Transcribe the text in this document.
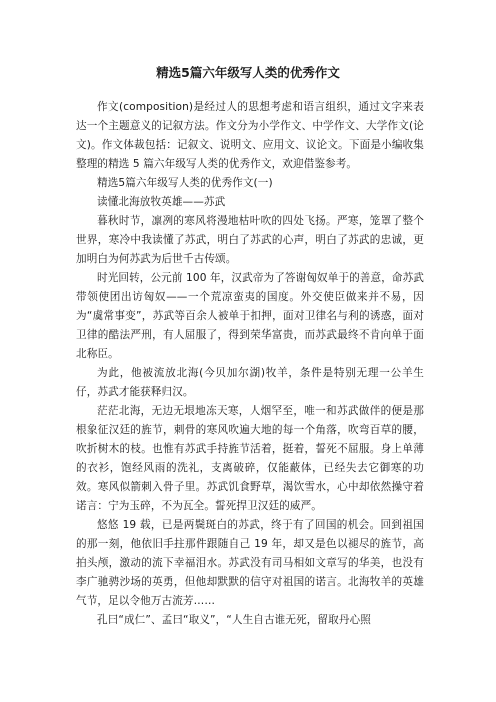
精选5篇六年级写人类的优秀作文

作文(composition)是经过人的思想考虑和语言组织，通过文字来表达一个主题意义的记叙方法。作文分为小学作文、中学作文、大学作文(论文)。作文体裁包括：记叙文、说明文、应用文、议论文。下面是小编收集整理的精选 5 篇六年级写人类的优秀作文，欢迎借鉴参考。

精选5篇六年级写人类的优秀作文(一)

读懂北海放牧英雄——苏武

暮秋时节，凛冽的寒风将漫地枯叶吹的四处飞扬。严寒，笼罩了整个世界，寒冷中我读懂了苏武，明白了苏武的心声，明白了苏武的忠诚，更加明白为何苏武为后世千古传颂。

时光回转，公元前 100 年，汉武帝为了答谢匈奴单于的善意，命苏武带领使团出访匈奴——一个荒凉蛮夷的国度。外交使臣做来并不易，因为“虞常事变”，苏武等百余人被单于扣押，面对卫律名与利的诱惑，面对卫律的酷法严刑，有人屈服了，得到荣华富贵，而苏武最终不肯向单于面北称臣。

为此，他被流放北海(今贝加尔湖)牧羊，条件是特别无理一公羊生仔，苏武才能获释归汉。

茫茫北海，无边无垠地冻天寒，人烟罕至，唯一和苏武做伴的便是那根象征汉廷的旌节，刺骨的寒风吹遍大地的每一个角落，吹弯百草的腰，吹折树木的枝。也惟有苏武手持旌节活着，挺着，誓死不屈服。身上单薄的衣衫，饱经风雨的洗礼，支离破碎，仅能蔽体，已经失去它御寒的功效。寒风似箭刺入骨子里。苏武饥食野草，渴饮雪水，心中却依然操守着诺言：宁为玉碎，不为瓦全。誓死捍卫汉廷的威严。

悠悠 19 载，已是两鬓斑白的苏武，终于有了回国的机会。回到祖国的那一刻，他依旧手拄那件跟随自己 19 年，却又是色以褪尽的旌节，高拍头颅，激动的流下幸福泪水。苏武没有司马相如文章写的华美，也没有李广驰骋沙场的英勇，但他却默默的信守对祖国的诺言。北海牧羊的英雄气节，足以令他万古流芳……

孔曰“成仁”、孟曰“取义”，“人生自古谁无死，留取丹心照
